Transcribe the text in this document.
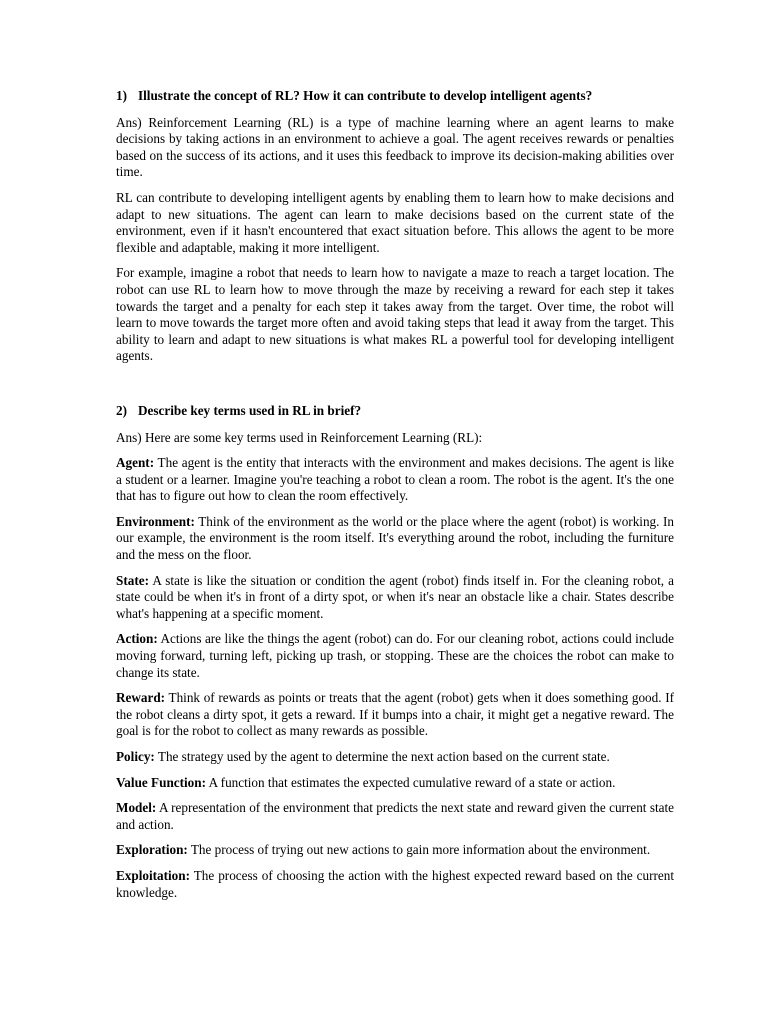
1) Illustrate the concept of RL? How it can contribute to develop intelligent agents?

Ans) Reinforcement Learning (RL) is a type of machine learning where an agent learns to make decisions by taking actions in an environment to achieve a goal. The agent receives rewards or penalties based on the success of its actions, and it uses this feedback to improve its decision-making abilities over time.

RL can contribute to developing intelligent agents by enabling them to learn how to make decisions and adapt to new situations. The agent can learn to make decisions based on the current state of the environment, even if it hasn't encountered that exact situation before. This allows the agent to be more flexible and adaptable, making it more intelligent.

For example, imagine a robot that needs to learn how to navigate a maze to reach a target location. The robot can use RL to learn how to move through the maze by receiving a reward for each step it takes towards the target and a penalty for each step it takes away from the target. Over time, the robot will learn to move towards the target more often and avoid taking steps that lead it away from the target. This ability to learn and adapt to new situations is what makes RL a powerful tool for developing intelligent agents.

2) Describe key terms used in RL in brief?

Ans) Here are some key terms used in Reinforcement Learning (RL):

Agent: The agent is the entity that interacts with the environment and makes decisions. The agent is like a student or a learner. Imagine you're teaching a robot to clean a room. The robot is the agent. It's the one that has to figure out how to clean the room effectively.

Environment: Think of the environment as the world or the place where the agent (robot) is working. In our example, the environment is the room itself. It's everything around the robot, including the furniture and the mess on the floor.

State: A state is like the situation or condition the agent (robot) finds itself in. For the cleaning robot, a state could be when it's in front of a dirty spot, or when it's near an obstacle like a chair. States describe what's happening at a specific moment.

Action: Actions are like the things the agent (robot) can do. For our cleaning robot, actions could include moving forward, turning left, picking up trash, or stopping. These are the choices the robot can make to change its state.

Reward: Think of rewards as points or treats that the agent (robot) gets when it does something good. If the robot cleans a dirty spot, it gets a reward. If it bumps into a chair, it might get a negative reward. The goal is for the robot to collect as many rewards as possible.

Policy: The strategy used by the agent to determine the next action based on the current state.

Value Function: A function that estimates the expected cumulative reward of a state or action.

Model: A representation of the environment that predicts the next state and reward given the current state and action.

Exploration: The process of trying out new actions to gain more information about the environment.

Exploitation: The process of choosing the action with the highest expected reward based on the current knowledge.
